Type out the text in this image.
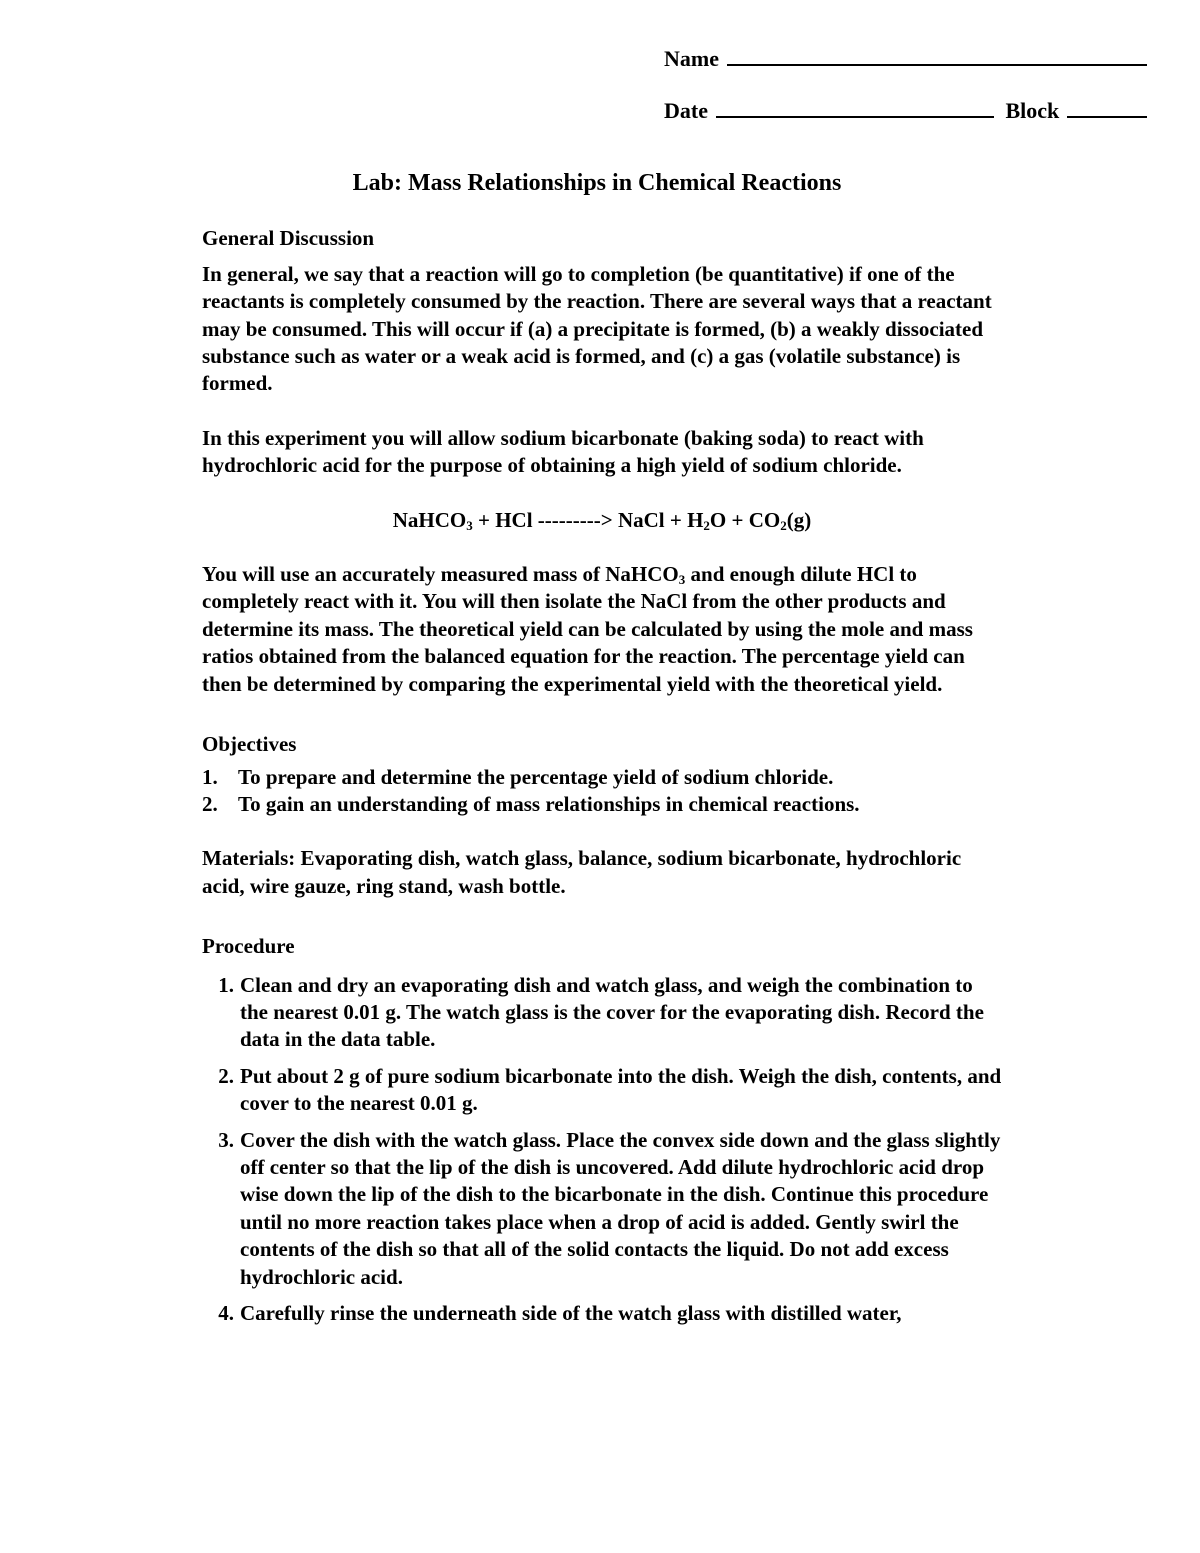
Name
Date	Block
Lab: Mass Relationships in Chemical Reactions

General Discussion

In general, we say that a reaction will go to completion (be quantitative) if one of the reactants is completely consumed by the reaction. There are several ways that a reactant may be consumed. This will occur if (a) a precipitate is formed, (b) a weakly dissociated substance such as water or a weak acid is formed, and (c) a gas (volatile substance) is formed.

In this experiment you will allow sodium bicarbonate (baking soda) to react with hydrochloric acid for the purpose of obtaining a high yield of sodium chloride.

NaHCO$_3$ + HCl ---------> NaCl + $H_2O + CO_2(g)$

You will use an accurately measured mass of NaHCO$_3$ and enough dilute HCl to completely react with it. You will then isolate the NaCl from the other products and determine its mass. The theoretical yield can be calculated by using the mole and mass ratios obtained from the balanced equation for the reaction. The percentage yield can then be determined by comparing the experimental yield with the theoretical yield.

Objectives

1. To prepare and determine the percentage yield of sodium chloride.
2. To gain an understanding of mass relationships in chemical reactions.

Materials: Evaporating dish, watch glass, balance, sodium bicarbonate, hydrochloric acid, wire gauze, ring stand, wash bottle.

Procedure

1. Clean and dry an evaporating dish and watch glass, and weigh the combination to the nearest 0.01 g. The watch glass is the cover for the evaporating dish. Record the data in the data table.
2. Put about 2 g of pure sodium bicarbonate into the dish. Weigh the dish, contents, and cover to the nearest 0.01 g.
3. Cover the dish with the watch glass. Place the convex side down and the glass slightly off center so that the lip of the dish is uncovered. Add dilute hydrochloric acid drop wise down the lip of the dish to the bicarbonate in the dish. Continue this procedure until no more reaction takes place when a drop of acid is added. Gently swirl the contents of the dish so that all of the solid contacts the liquid. Do not add excess hydrochloric acid.
4. Carefully rinse the underneath side of the watch glass with distilled water,
